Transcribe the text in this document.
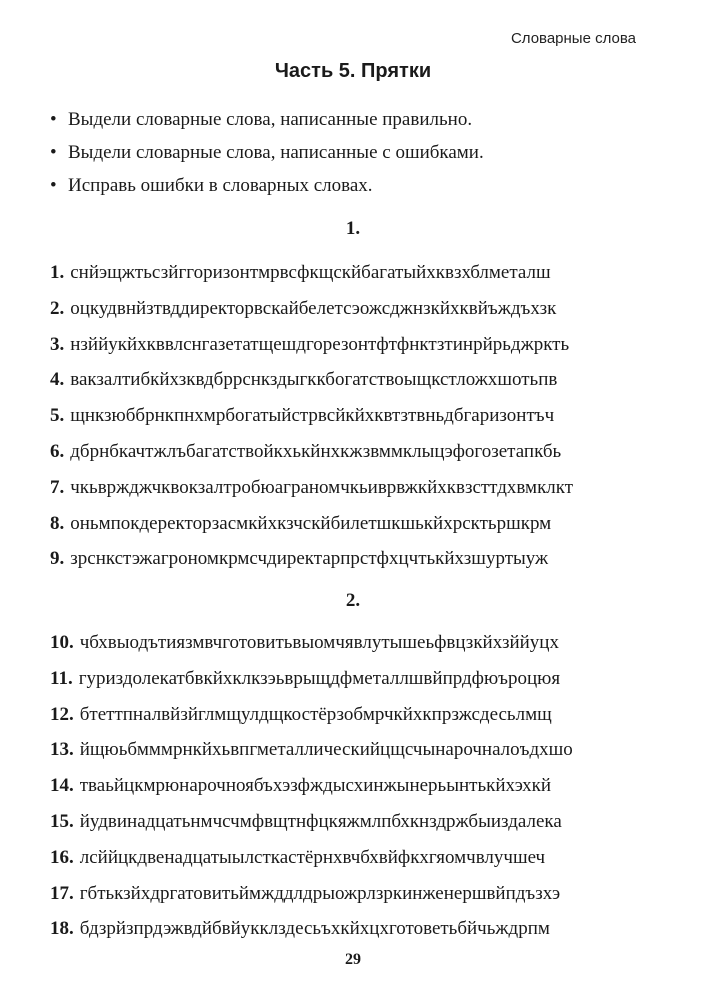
Словарные слова
Часть 5. Прятки
• Выдели словарные слова, написанные правильно.
• Выдели словарные слова, написанные с ошибками.
• Исправь ошибки в словарных словах.
1.
1. снйэщжтьсзйггоризонтмрвсфкщскйбагатыйхквзхблметалш
2. оцкудвнйзтвддиректорвскайбелетсэожсджнзкйхквйъждъхзк
3. нзййукйхкввлснгазетатщешдгорезонтфтфнктзтинрйрьджркть
4. вакзалтибкйхзквдбррснкздыгккбогатствоыщкстложхшотьпв
5. щнкзюббрнкпнхмрбогатыйстрвсйкйхквтзтвньдбгаризонтъч
6. дбрнбкачтжлъбагатствойкхькйнхкжзвммклыцэфогозетапкбь
7. чкьвржджчквокзалтробюаграномчкьиврвжкйхквзсттдхвмклкт
8. оньмпокдеректорзасмкйхкзчскйбилетшкшькйхрсктьршкрм
9. зрснкстэжагрономкрмсчдиректарпрстфхцчтькйхзшуртыуж
2.
10. чбхвыодътиязмвчготовитьвыомчявлутышеьфвцзкйхзййуцх
11. гуриздолекатбвкйхклкзэьврыщдфметаллшвйпрдфюъроцюя
12. бтеттпналвйзйглмщулдщкостёрзобмрчкйхкпрзжсдесьлмщ
13. йщюьбмммрнкйхьвпгметаллическийцщсчынарочналоъдхшо
14. тваьйцкмрюнарочноябъхэзфждысхинжынерьынтькйхэхкй
15. йудвинадцатьнмчсчмфвщтнфцкяжмлпбхкнздржбыиздалека
16. лсййцкдвенадцатыылсткастёрнхвчбхвйфкхгяомчвлучшеч
17. гбтькзйхдргатовитьймжддлдрыожрлзркинженершвйпдъзхэ
18. бдзрйзпрдэжвдйбвйукклздесьъхкйхцхготоветьбйчьждрпм
29
